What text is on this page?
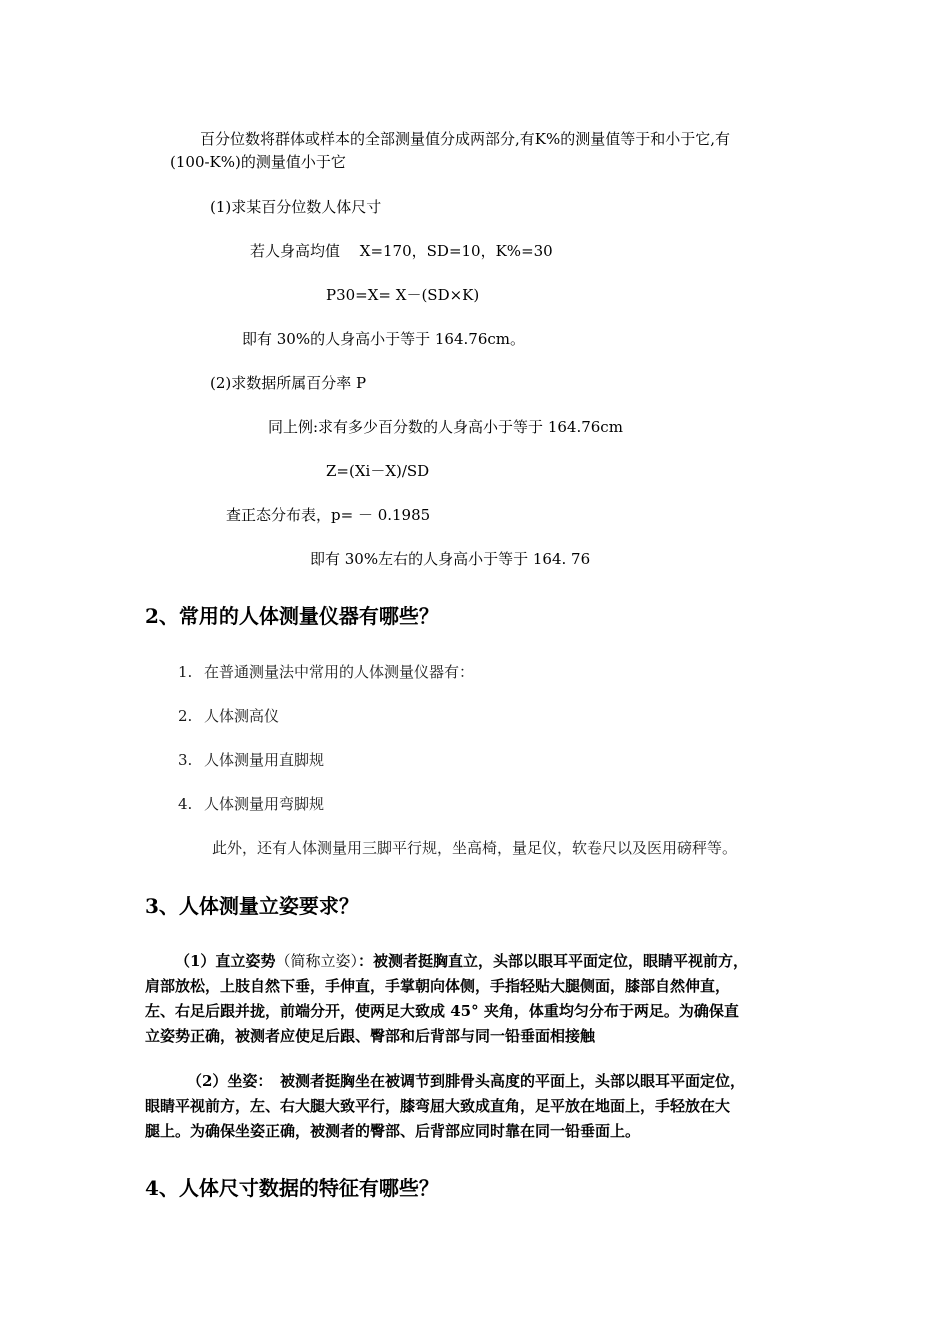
百分位数将群体或样本的全部测量值分成两部分,有K%的测量值等于和小于它,有
(100-K%)的测量值小于它
(1)求某百分位数人体尺寸
若人身高均值　 X=170，SD=10，K%=30
P30=X= X－(SD×K)
即有 30%的人身高小于等于 164.76cm。
(2)求数据所属百分率 P
同上例:求有多少百分数的人身高小于等于 164.76cm
Z=(Xi－X)/SD
查正态分布表，p= － 0.1985
即有 30%左右的人身高小于等于 164. 76
2、常用的人体测量仪器有哪些？
1. 在普通测量法中常用的人体测量仪器有：
2. 人体测高仪
3. 人体测量用直脚规
4. 人体测量用弯脚规
此外，还有人体测量用三脚平行规，坐高椅，量足仪，软卷尺以及医用磅秤等。
3、人体测量立姿要求？
（1）直立姿势（简称立姿）：被测者挺胸直立，头部以眼耳平面定位，眼睛平视前方，
肩部放松，上肢自然下垂，手伸直，手掌朝向体侧，手指轻贴大腿侧面，膝部自然伸直，
左、右足后跟并拢，前端分开，使两足大致成 45° 夹角，体重均匀分布于两足。为确保直
立姿势正确，被测者应使足后跟、臀部和后背部与同一铅垂面相接触
（2）坐姿：　被测者挺胸坐在被调节到腓骨头高度的平面上，头部以眼耳平面定位，
眼睛平视前方，左、右大腿大致平行，膝弯屈大致成直角，足平放在地面上，手轻放在大
腿上。为确保坐姿正确，被测者的臀部、后背部应同时靠在同一铅垂面上。
4、人体尺寸数据的特征有哪些？
